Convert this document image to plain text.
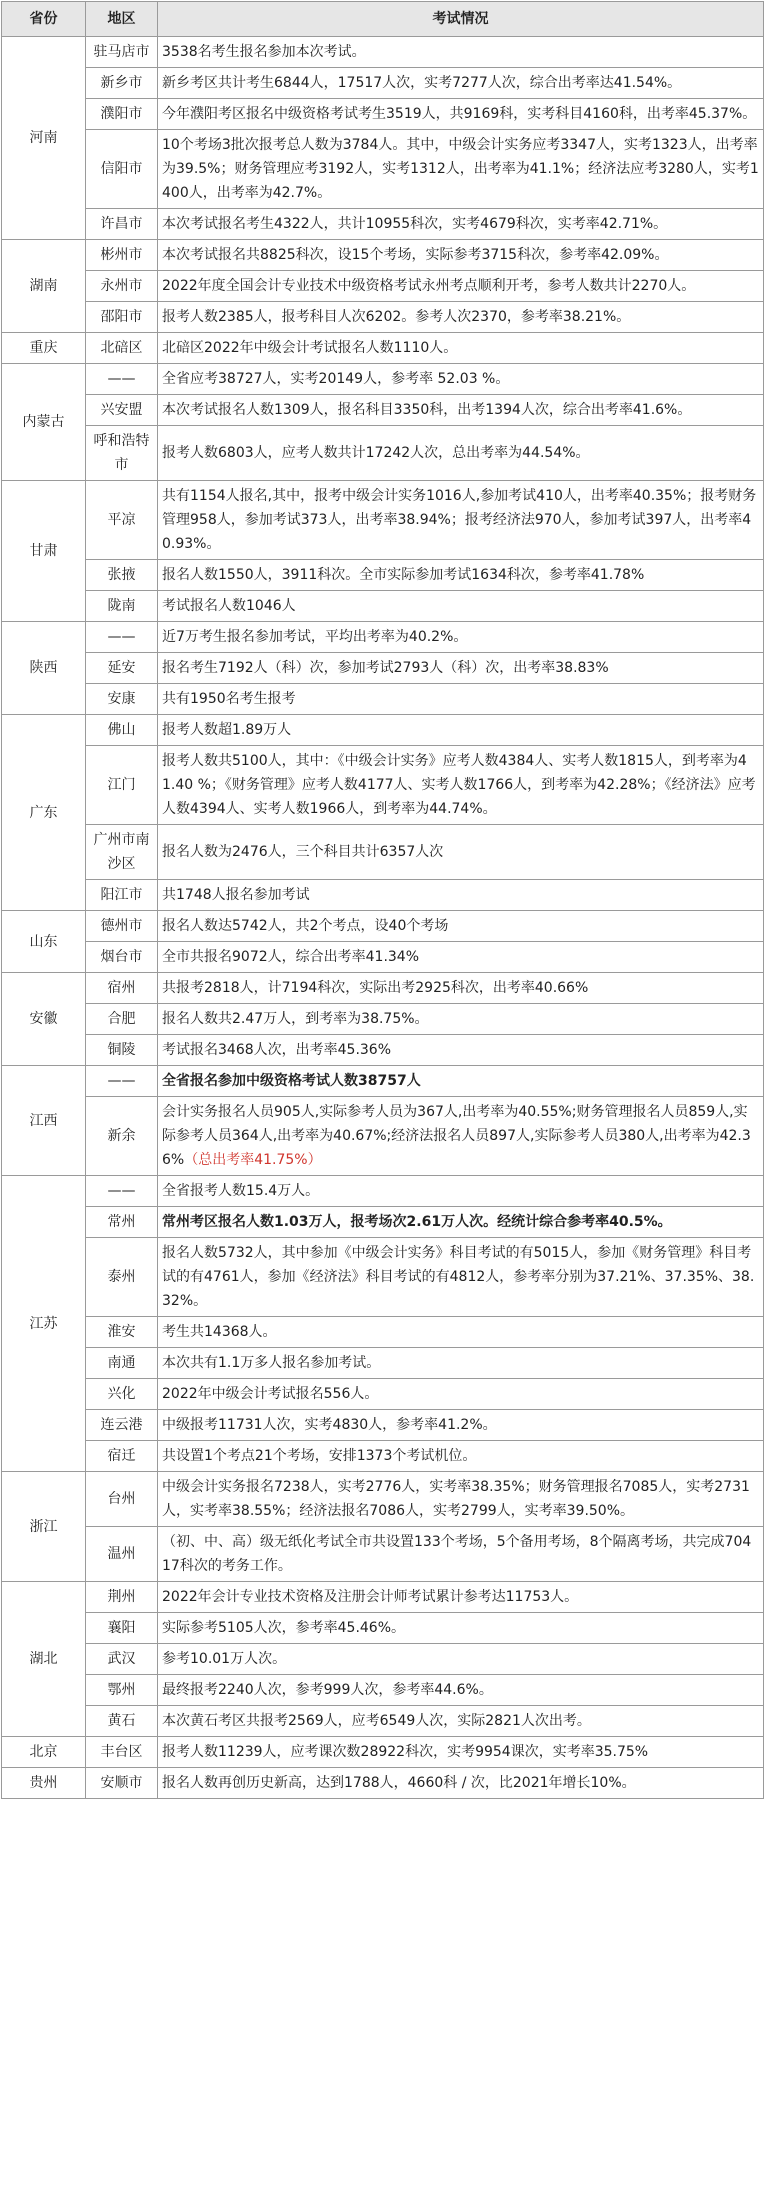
省份	地区	考试情况
河南	驻马店市	3538名考生报名参加本次考试。
	新乡市	新乡考区共计考生6844人，17517人次，实考7277人次，综合出考率达41.54%。
	濮阳市	今年濮阳考区报名中级资格考试考生3519人，共9169科，实考科目4160科，出考率45.37%。
	信阳市	10个考场3批次报考总人数为3784人。其中，中级会计实务应考3347人，实考1323人，出考率为39.5%；财务管理应考3192人，实考1312人，出考率为41.1%；经济法应考3280人，实考1400人，出考率为42.7%。
	许昌市	本次考试报名考生4322人，共计10955科次，实考4679科次，实考率42.71%。
湖南	彬州市	本次考试报名共8825科次，设15个考场，实际参考3715科次，参考率42.09%。
	永州市	2022年度全国会计专业技术中级资格考试永州考点顺利开考，参考人数共计2270人。
	邵阳市	报考人数2385人，报考科目人次6202。参考人次2370，参考率38.21%。
重庆	北碚区	北碚区2022年中级会计考试报名人数1110人。
内蒙古	——	全省应考38727人，实考20149人，参考率 52.03 %。
	兴安盟	本次考试报名人数1309人，报名科目3350科，出考1394人次，综合出考率41.6%。
	呼和浩特市	报考人数6803人，应考人数共计17242人次，总出考率为44.54%。
甘肃	平凉	共有1154人报名,其中，报考中级会计实务1016人,参加考试410人，出考率40.35%；报考财务管理958人，参加考试373人，出考率38.94%；报考经济法970人，参加考试397人，出考率40.93%。
	张掖	报名人数1550人，3911科次。全市实际参加考试1634科次，参考率41.78%
	陇南	考试报名人数1046人
陕西	——	近7万考生报名参加考试，平均出考率为40.2%。
	延安	报名考生7192人（科）次，参加考试2793人（科）次，出考率38.83%
	安康	共有1950名考生报考
广东	佛山	报考人数超1.89万人
	江门	报考人数共5100人，其中：《中级会计实务》应考人数4384人、实考人数1815人，到考率为41.40 %；《财务管理》应考人数4177人、实考人数1766人，到考率为42.28%；《经济法》应考人数4394人、实考人数1966人，到考率为44.74%。
	广州市南沙区	报名人数为2476人，三个科目共计6357人次
	阳江市	共1748人报名参加考试
山东	德州市	报名人数达5742人，共2个考点，设40个考场
	烟台市	全市共报名9072人，综合出考率41.34%
安徽	宿州	共报考2818人，计7194科次，实际出考2925科次，出考率40.66%
	合肥	报名人数共2.47万人，到考率为38.75%。
	铜陵	考试报名3468人次，出考率45.36%
江西	——	全省报名参加中级资格考试人数38757人
	新余	会计实务报名人员905人,实际参考人员为367人,出考率为40.55%;财务管理报名人员859人,实际参考人员364人,出考率为40.67%;经济法报名人员897人,实际参考人员380人,出考率为42.36%（总出考率41.75%）
江苏	——	全省报考人数15.4万人。
	常州	常州考区报名人数1.03万人，报考场次2.61万人次。经统计综合参考率40.5%。
	泰州	报名人数5732人，其中参加《中级会计实务》科目考试的有5015人，参加《财务管理》科目考试的有4761人，参加《经济法》科目考试的有4812人，参考率分别为37.21%、37.35%、38.32%。
	淮安	考生共14368人。
	南通	本次共有1.1万多人报名参加考试。
	兴化	2022年中级会计考试报名556人。
	连云港	中级报考11731人次，实考4830人，参考率41.2%。
	宿迁	共设置1个考点21个考场，安排1373个考试机位。
浙江	台州	中级会计实务报名7238人，实考2776人，实考率38.35%；财务管理报名7085人，实考2731人，实考率38.55%；经济法报名7086人，实考2799人，实考率39.50%。
	温州	（初、中、高）级无纸化考试全市共设置133个考场，5个备用考场，8个隔离考场，共完成70417科次的考务工作。
湖北	荆州	2022年会计专业技术资格及注册会计师考试累计参考达11753人。
	襄阳	实际参考5105人次，参考率45.46%。
	武汉	参考10.01万人次。
	鄂州	最终报考2240人次，参考999人次，参考率44.6%。
	黄石	本次黄石考区共报考2569人，应考6549人次，实际2821人次出考。
北京	丰台区	报考人数11239人，应考课次数28922科次，实考9954课次，实考率35.75%
贵州	安顺市	报名人数再创历史新高，达到1788人，4660科 / 次，比2021年增长10%。
